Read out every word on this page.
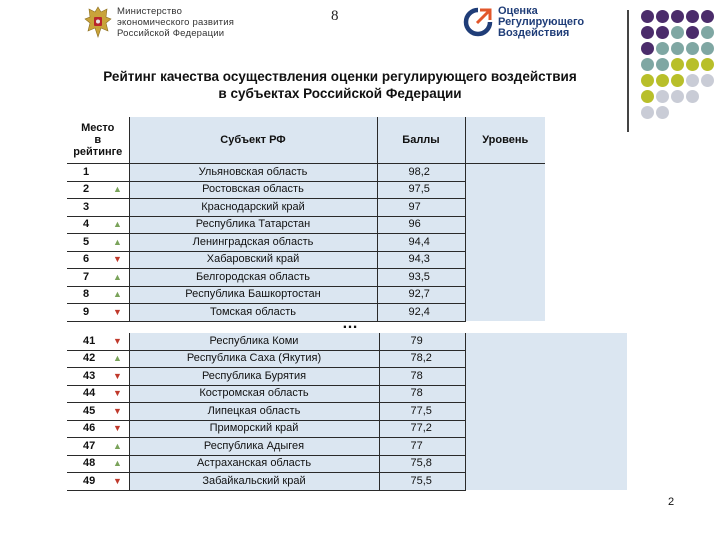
Министерство
экономического развития
Российской Федерации
8	Оценка
Регулирующего
Воздействия
Рейтинг качества осуществления оценки регулирующего воздействия
в субъектах Российской Федерации
Место
в
рейтинге		Субъект РФ	Баллы	Уровень
1		Ульяновская область	98,2	
2	▲	Ростовская область	97,5	
3		Краснодарский край	97	
4	▲	Республика Татарстан	96	
5	▲	Ленинградская область	94,4	
6	▼	Хабаровский край	94,3	
7	▲	Белгородская область	93,5	
8	▲	Республика Башкортостан	92,7	
9	▼	Томская область	92,4	
…
41	▼	Республика Коми	79	
42	▲	Республика Саха (Якутия)	78,2	
43	▼	Республика Бурятия	78	
44	▼	Костромская область	78	
45	▼	Липецкая область	77,5	
46	▼	Приморский край	77,2	
47	▲	Республика Адыгея	77	
48	▲	Астраханская область	75,8	
49	▼	Забайкальский край	75,5	
2
